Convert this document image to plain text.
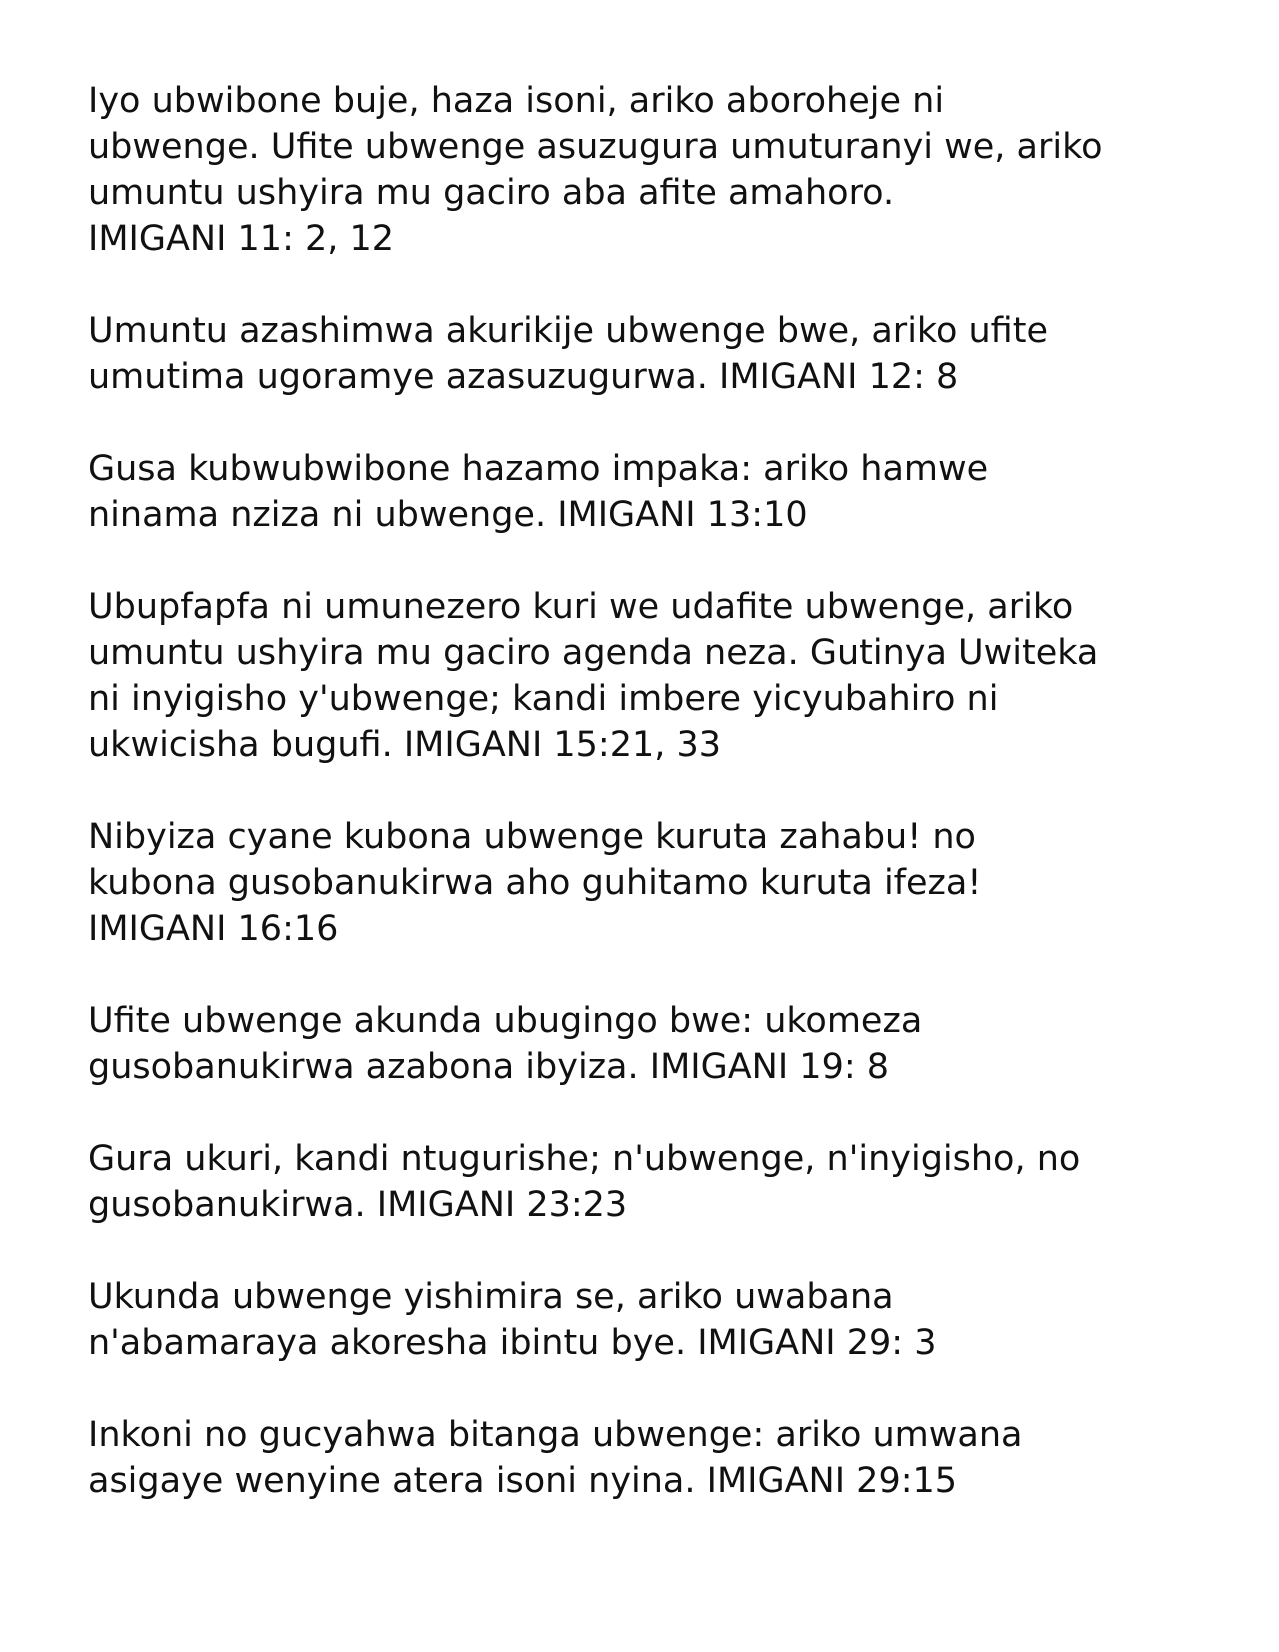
Iyo ubwibone buje, haza isoni, ariko aboroheje ni
ubwenge. Ufite ubwenge asuzugura umuturanyi we, ariko
umuntu ushyira mu gaciro aba afite amahoro.
IMIGANI 11: 2, 12
Umuntu azashimwa akurikije ubwenge bwe, ariko ufite
umutima ugoramye azasuzugurwa. IMIGANI 12: 8
Gusa kubwubwibone hazamo impaka: ariko hamwe
ninama nziza ni ubwenge. IMIGANI 13:10
Ubupfapfa ni umunezero kuri we udafite ubwenge, ariko
umuntu ushyira mu gaciro agenda neza. Gutinya Uwiteka
ni inyigisho y'ubwenge; kandi imbere yicyubahiro ni
ukwicisha bugufi. IMIGANI 15:21, 33
Nibyiza cyane kubona ubwenge kuruta zahabu! no
kubona gusobanukirwa aho guhitamo kuruta ifeza!
IMIGANI 16:16
Ufite ubwenge akunda ubugingo bwe: ukomeza
gusobanukirwa azabona ibyiza. IMIGANI 19: 8
Gura ukuri, kandi ntugurishe; n'ubwenge, n'inyigisho, no
gusobanukirwa. IMIGANI 23:23
Ukunda ubwenge yishimira se, ariko uwabana
n'abamaraya akoresha ibintu bye. IMIGANI 29: 3
Inkoni no gucyahwa bitanga ubwenge: ariko umwana
asigaye wenyine atera isoni nyina. IMIGANI 29:15
